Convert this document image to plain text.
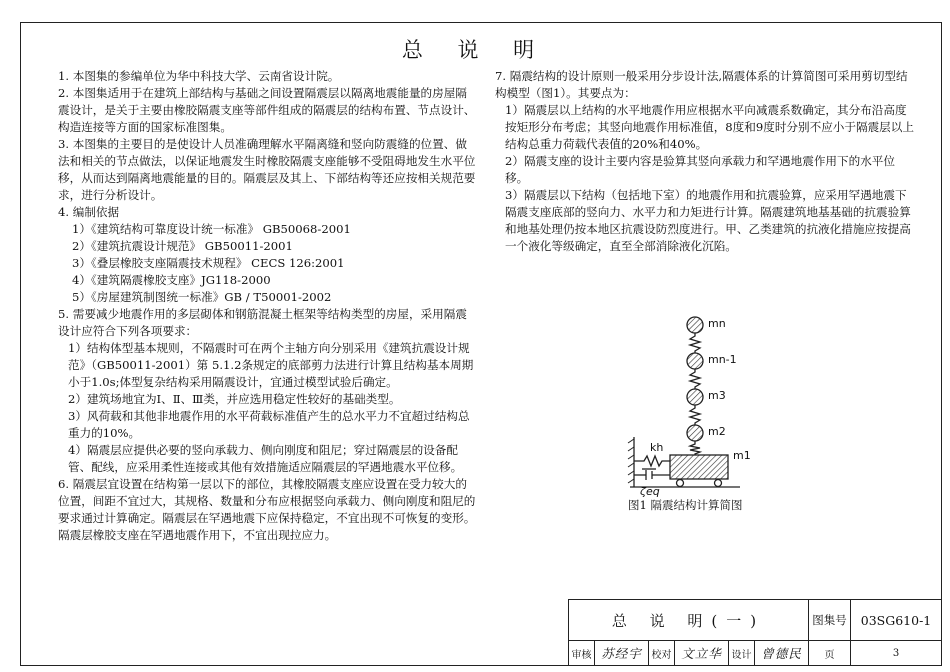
总 说 明

1. 本图集的参编单位为华中科技大学、云南省设计院。

2. 本图集适用于在建筑上部结构与基础之间设置隔震层以隔离地震能量的房屋隔震设计，是关于主要由橡胶隔震支座等部件组成的隔震层的结构布置、节点设计、构造连接等方面的国家标准图集。

3. 本图集的主要目的是使设计人员准确理解水平隔离缝和竖向防震缝的位置、做法和相关的节点做法，以保证地震发生时橡胶隔震支座能够不受阻碍地发生水平位移，从而达到隔离地震能量的目的。隔震层及其上、下部结构等还应按相关规范要求，进行分析设计。

4. 编制依据

1）《建筑结构可靠度设计统一标准》 GB50068-2001

2）《建筑抗震设计规范》 GB50011-2001

3）《叠层橡胶支座隔震技术规程》 CECS 126:2001

4）《建筑隔震橡胶支座》JG118-2000

5）《房屋建筑制图统一标准》GB / T50001-2002

5. 需要减少地震作用的多层砌体和钢筋混凝土框架等结构类型的房屋，采用隔震设计应符合下列各项要求：

1）结构体型基本规则，不隔震时可在两个主轴方向分别采用《建筑抗震设计规范》（GB50011-2001）第 5.1.2条规定的底部剪力法进行计算且结构基本周期小于1.0s;体型复杂结构采用隔震设计，宜通过模型试验后确定。

2）建筑场地宜为Ⅰ、Ⅱ、Ⅲ类，并应选用稳定性较好的基础类型。

3）风荷载和其他非地震作用的水平荷载标准值产生的总水平力不宜超过结构总重力的10%。

4）隔震层应提供必要的竖向承载力、侧向刚度和阻尼；穿过隔震层的设备配管、配线，应采用柔性连接或其他有效措施适应隔震层的罕遇地震水平位移。

6. 隔震层宜设置在结构第一层以下的部位，其橡胶隔震支座应设置在受力较大的位置，间距不宜过大，其规格、数量和分布应根据竖向承载力、侧向刚度和阻尼的要求通过计算确定。隔震层在罕遇地震下应保持稳定，不宜出现不可恢复的变形。隔震层橡胶支座在罕遇地震作用下，不宜出现拉应力。

7. 隔震结构的设计原则一般采用分步设计法,隔震体系的计算简图可采用剪切型结构模型（图1）。其要点为：

1）隔震层以上结构的水平地震作用应根据水平向减震系数确定，其分布沿高度按矩形分布考虑；其竖向地震作用标准值，8度和9度时分别不应小于隔震层以上结构总重力荷载代表值的20%和40%。

2）隔震支座的设计主要内容是验算其竖向承载力和罕遇地震作用下的水平位移。

3）隔震层以下结构（包括地下室）的地震作用和抗震验算，应采用罕遇地震下隔震支座底部的竖向力、水平力和力矩进行计算。隔震建筑地基基础的抗震验算和地基处理仍按本地区抗震设防烈度进行。甲、乙类建筑的抗液化措施应按提高一个液化等级确定，直至全部消除液化沉陷。

mn
mn-1
m3
m2
m1
kh
ζeq
图1 隔震结构计算简图
总 说 明(一)	图集号	03SG610-1
审核 苏经宇 校对 文立华 设计 曾德民	页	3
